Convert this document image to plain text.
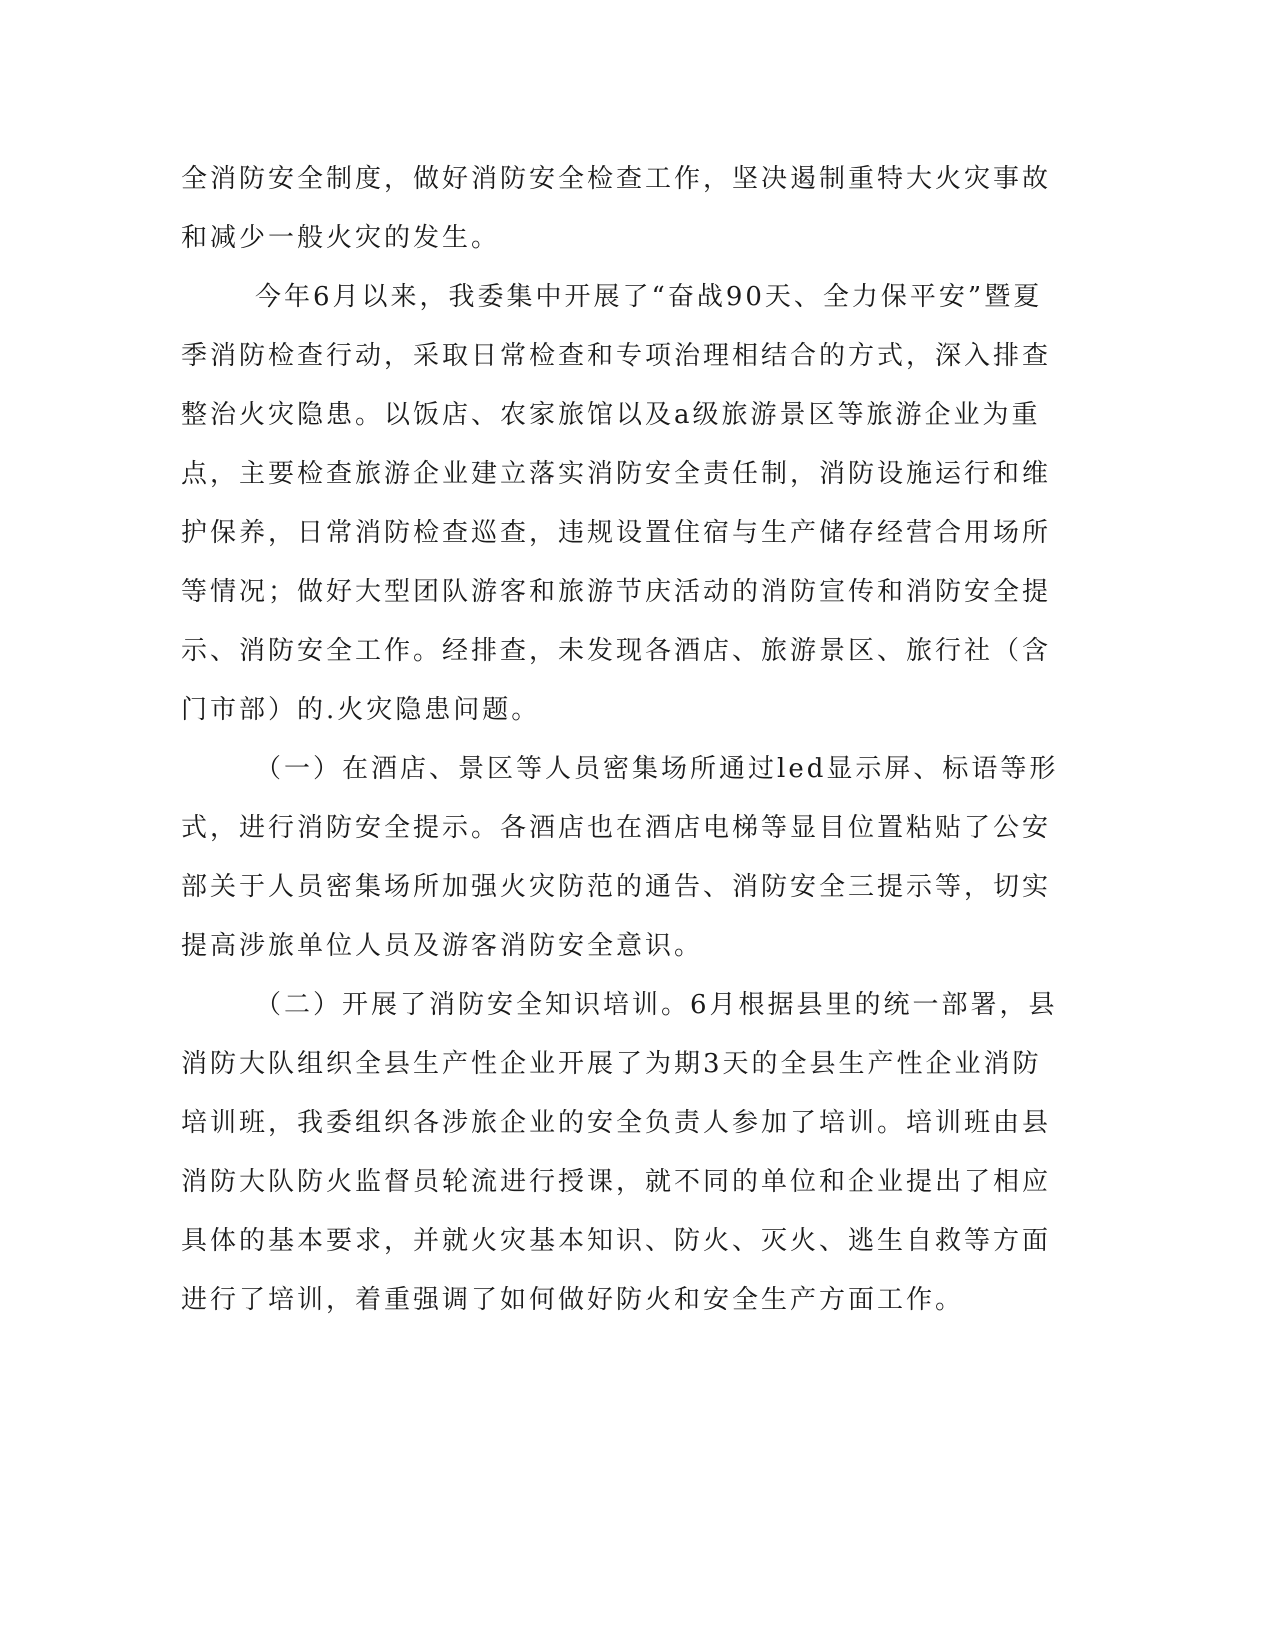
全消防安全制度，做好消防安全检查工作，坚决遏制重特大火灾事故
和减少一般火灾的发生。
今年6月以来，我委集中开展了“奋战90天、全力保平安”暨夏
季消防检查行动，采取日常检查和专项治理相结合的方式，深入排查
整治火灾隐患。以饭店、农家旅馆以及a级旅游景区等旅游企业为重
点，主要检查旅游企业建立落实消防安全责任制，消防设施运行和维
护保养，日常消防检查巡查，违规设置住宿与生产储存经营合用场所
等情况；做好大型团队游客和旅游节庆活动的消防宣传和消防安全提
示、消防安全工作。经排查，未发现各酒店、旅游景区、旅行社（含
门市部）的.火灾隐患问题。
（一）在酒店、景区等人员密集场所通过led显示屏、标语等形
式，进行消防安全提示。各酒店也在酒店电梯等显目位置粘贴了公安
部关于人员密集场所加强火灾防范的通告、消防安全三提示等，切实
提高涉旅单位人员及游客消防安全意识。
（二）开展了消防安全知识培训。6月根据县里的统一部署，县
消防大队组织全县生产性企业开展了为期3天的全县生产性企业消防
培训班，我委组织各涉旅企业的安全负责人参加了培训。培训班由县
消防大队防火监督员轮流进行授课，就不同的单位和企业提出了相应
具体的基本要求，并就火灾基本知识、防火、灭火、逃生自救等方面
进行了培训，着重强调了如何做好防火和安全生产方面工作。
